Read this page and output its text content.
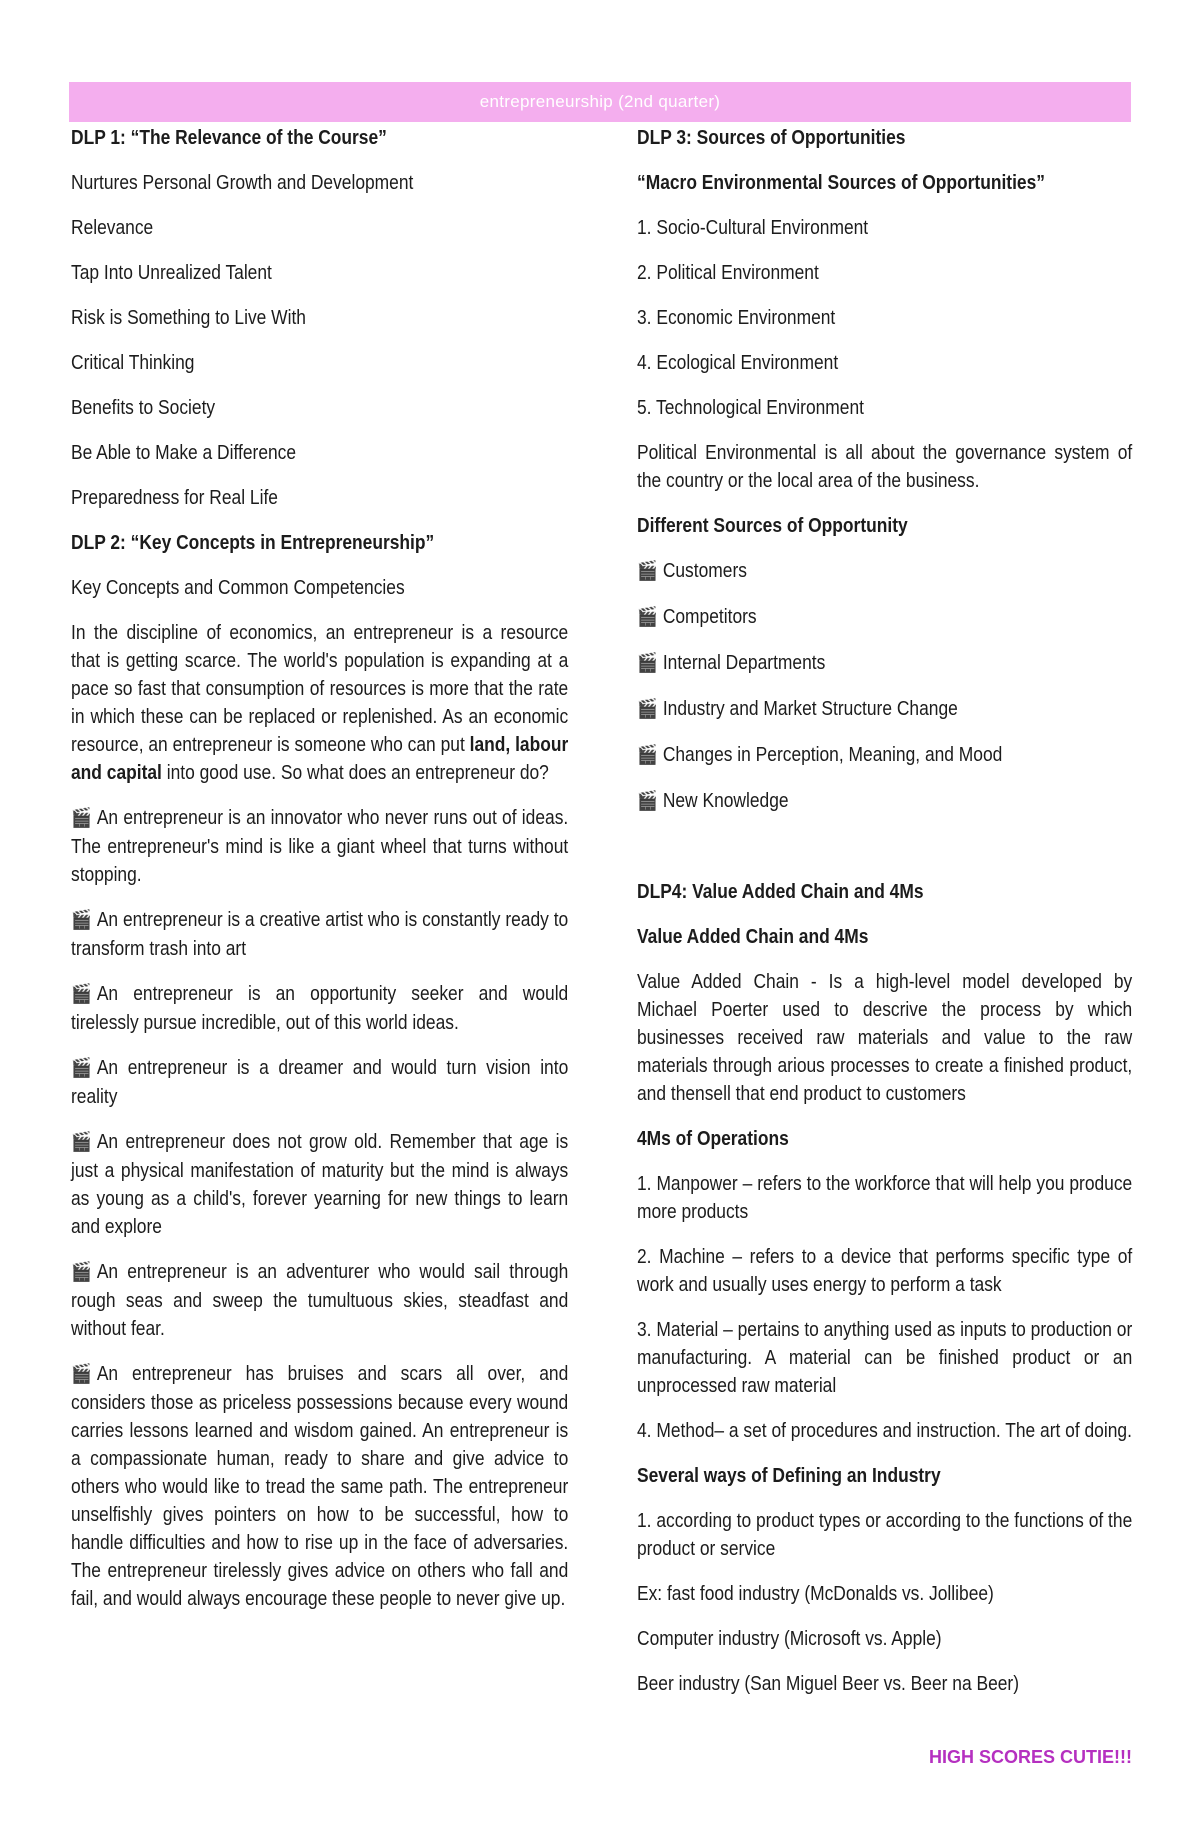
entrepreneurship (2nd quarter)

DLP 1: “The Relevance of the Course”

Nurtures Personal Growth and Development

Relevance

Tap Into Unrealized Talent

Risk is Something to Live With

Critical Thinking

Benefits to Society

Be Able to Make a Difference

Preparedness for Real Life

DLP 2: “Key Concepts in Entrepreneurship”

Key Concepts and Common Competencies

In the discipline of economics, an entrepreneur is a resource that is getting scarce. The world's population is expanding at a pace so fast that consumption of resources is more that the rate in which these can be replaced or replenished. As an economic resource, an entrepreneur is someone who can put land, labour and capital into good use. So what does an entrepreneur do?

🎬 An entrepreneur is an innovator who never runs out of ideas. The entrepreneur's mind is like a giant wheel that turns without stopping.

🎬 An entrepreneur is a creative artist who is constantly ready to transform trash into art

🎬 An entrepreneur is an opportunity seeker and would tirelessly pursue incredible, out of this world ideas.

🎬 An entrepreneur is a dreamer and would turn vision into reality

🎬 An entrepreneur does not grow old. Remember that age is just a physical manifestation of maturity but the mind is always as young as a child's, forever yearning for new things to learn and explore

🎬 An entrepreneur is an adventurer who would sail through rough seas and sweep the tumultuous skies, steadfast and without fear.

🎬 An entrepreneur has bruises and scars all over, and considers those as priceless possessions because every wound carries lessons learned and wisdom gained. An entrepreneur is a compassionate human, ready to share and give advice to others who would like to tread the same path. The entrepreneur unselfishly gives pointers on how to be successful, how to handle difficulties and how to rise up in the face of adversaries. The entrepreneur tirelessly gives advice on others who fall and fail, and would always encourage these people to never give up.

DLP 3: Sources of Opportunities

“Macro Environmental Sources of Opportunities”

1. Socio-Cultural Environment

2. Political Environment

3. Economic Environment

4. Ecological Environment

5. Technological Environment

Political Environmental is all about the governance system of the country or the local area of the business.

Different Sources of Opportunity

🎬 Customers

🎬 Competitors

🎬 Internal Departments

🎬 Industry and Market Structure Change

🎬 Changes in Perception, Meaning, and Mood

🎬 New Knowledge

DLP4: Value Added Chain and 4Ms

Value Added Chain and 4Ms

Value Added Chain - Is a high-level model developed by Michael Poerter used to descrive the process by which businesses received raw materials and value to the raw materials through arious processes to create a finished product, and thensell that end product to customers

4Ms of Operations

1. Manpower – refers to the workforce that will help you produce more products

2. Machine – refers to a device that performs specific type of work and usually uses energy to perform a task

3. Material – pertains to anything used as inputs to production or manufacturing. A material can be finished product or an unprocessed raw material

4. Method– a set of procedures and instruction. The art of doing.

Several ways of Defining an Industry

1. according to product types or according to the functions of the product or service

Ex: fast food industry (McDonalds vs. Jollibee)

Computer industry (Microsoft vs. Apple)

Beer industry (San Miguel Beer vs. Beer na Beer)

HIGH SCORES CUTIE!!!
